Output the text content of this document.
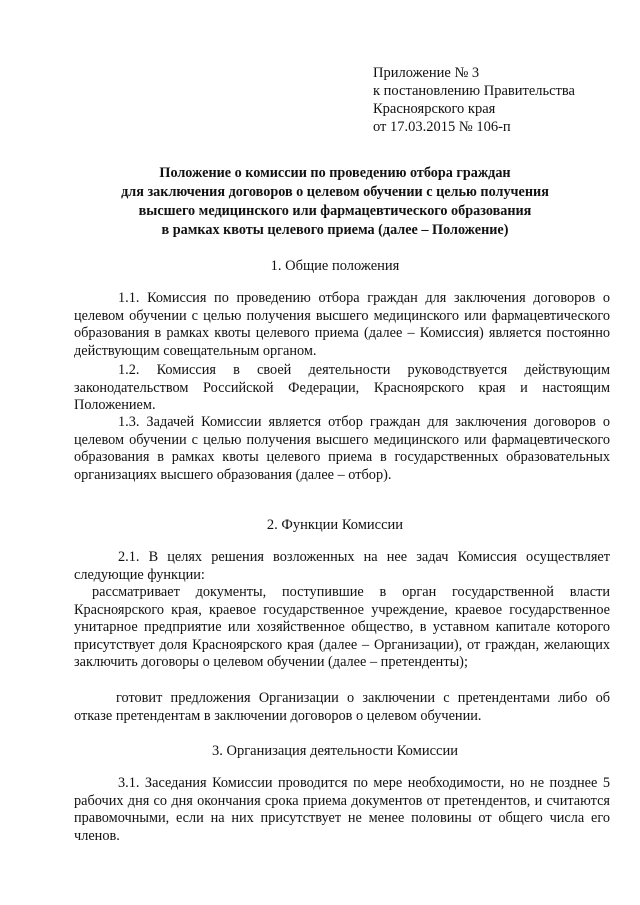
Приложение № 3
к постановлению Правительства
Красноярского края
от 17.03.2015 № 106-п
Положение о комиссии по проведению отбора граждан
для заключения договоров о целевом обучении с целью получения
высшего медицинского или фармацевтического образования
в рамках квоты целевого приема (далее – Положение)
1. Общие положения
1.1. Комиссия по проведению отбора граждан для заключения договоров о целевом обучении с целью получения высшего медицинского или фармацевтического образования в рамках квоты целевого приема (далее – Комиссия) является постоянно действующим совещательным органом.
1.2. Комиссия в своей деятельности руководствуется действующим законодательством Российской Федерации, Красноярского края и настоящим Положением.
1.3. Задачей Комиссии является отбор граждан для заключения договоров о целевом обучении с целью получения высшего медицинского или фармацевтического образования в рамках квоты целевого приема в государственных образовательных организациях высшего образования (далее – отбор).
2. Функции Комиссии
2.1. В целях решения возложенных на нее задач Комиссия осуществляет следующие функции:
рассматривает документы, поступившие в орган государственной власти Красноярского края, краевое государственное учреждение, краевое государственное унитарное предприятие или хозяйственное общество, в уставном капитале которого присутствует доля Красноярского края (далее – Организации), от граждан, желающих заключить договоры о целевом обучении (далее – претенденты);
готовит предложения Организации о заключении с претендентами либо об отказе претендентам в заключении договоров о целевом обучении.
3. Организация деятельности Комиссии
3.1. Заседания Комиссии проводится по мере необходимости, но не позднее 5 рабочих дня со дня окончания срока приема документов от претендентов, и считаются правомочными, если на них присутствует не менее половины от общего числа его членов.
